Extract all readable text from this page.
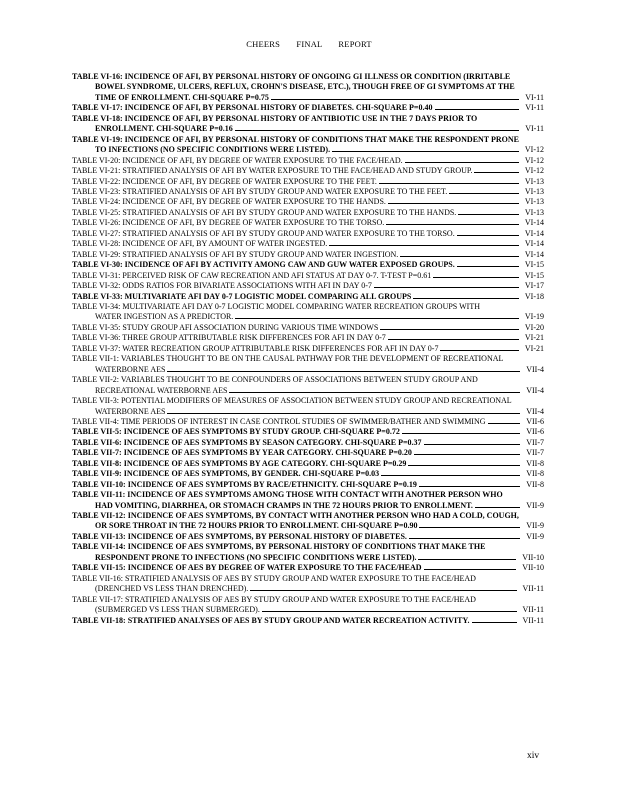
CHEERS FINAL REPORT
TABLE VI-16: INCIDENCE OF AFI, BY PERSONAL HISTORY OF ONGOING GI ILLNESS OR CONDITION (IRRITABLE
BOWEL SYNDROME, ULCERS, REFLUX, CROHN'S DISEASE, ETC.), THOUGH FREE OF GI SYMPTOMS AT THE
TIME OF ENROLLMENT. CHI-SQUARE P=0.75	VI-11
TABLE VI-17: INCIDENCE OF AFI, BY PERSONAL HISTORY OF DIABETES. CHI-SQUARE P=0.40	VI-11
TABLE VI-18: INCIDENCE OF AFI, BY PERSONAL HISTORY OF ANTIBIOTIC USE IN THE 7 DAYS PRIOR TO
ENROLLMENT. CHI-SQUARE P=0.16	VI-11
TABLE VI-19: INCIDENCE OF AFI, BY PERSONAL HISTORY OF CONDITIONS THAT MAKE THE RESPONDENT PRONE
TO INFECTIONS (NO SPECIFIC CONDITIONS WERE LISTED).	VI-12
TABLE VI-20: INCIDENCE OF AFI, BY DEGREE OF WATER EXPOSURE TO THE FACE/HEAD.	VI-12
TABLE VI-21: STRATIFIED ANALYSIS OF AFI BY WATER EXPOSURE TO THE FACE/HEAD AND STUDY GROUP.	VI-12
TABLE VI-22: INCIDENCE OF AFI, BY DEGREE OF WATER EXPOSURE TO THE FEET.	VI-13
TABLE VI-23: STRATIFIED ANALYSIS OF AFI BY STUDY GROUP AND WATER EXPOSURE TO THE FEET.	VI-13
TABLE VI-24: INCIDENCE OF AFI, BY DEGREE OF WATER EXPOSURE TO THE HANDS.	VI-13
TABLE VI-25: STRATIFIED ANALYSIS OF AFI BY STUDY GROUP AND WATER EXPOSURE TO THE HANDS.	VI-13
TABLE VI-26: INCIDENCE OF AFI, BY DEGREE OF WATER EXPOSURE TO THE TORSO.	VI-14
TABLE VI-27: STRATIFIED ANALYSIS OF AFI BY STUDY GROUP AND WATER EXPOSURE TO THE TORSO.	VI-14
TABLE VI-28: INCIDENCE OF AFI, BY AMOUNT OF WATER INGESTED.	VI-14
TABLE VI-29: STRATIFIED ANALYSIS OF AFI BY STUDY GROUP AND WATER INGESTION.	VI-14
TABLE VI-30: INCIDENCE OF AFI BY ACTIVITY AMONG CAW AND GUW WATER EXPOSED GROUPS.	VI-15
TABLE VI-31: PERCEIVED RISK OF CAW RECREATION AND AFI STATUS AT DAY 0-7. T-TEST P=0.61	VI-15
TABLE VI-32: ODDS RATIOS FOR BIVARIATE ASSOCIATIONS WITH AFI IN DAY 0-7	VI-17
TABLE VI-33: MULTIVARIATE AFI DAY 0-7 LOGISTIC MODEL COMPARING ALL GROUPS	VI-18
TABLE VI-34: MULTIVARIATE AFI DAY 0-7 LOGISTIC MODEL COMPARING WATER RECREATION GROUPS WITH
WATER INGESTION AS A PREDICTOR.	VI-19
TABLE VI-35: STUDY GROUP AFI ASSOCIATION DURING VARIOUS TIME WINDOWS	VI-20
TABLE VI-36: THREE GROUP ATTRIBUTABLE RISK DIFFERENCES FOR AFI IN DAY 0-7	VI-21
TABLE VI-37: WATER RECREATION GROUP ATTRIBUTABLE RISK DIFFERENCES FOR AFI IN DAY 0-7	VI-21
TABLE VII-1: VARIABLES THOUGHT TO BE ON THE CAUSAL PATHWAY FOR THE DEVELOPMENT OF RECREATIONAL
WATERBORNE AES	VII-4
TABLE VII-2: VARIABLES THOUGHT TO BE CONFOUNDERS OF ASSOCIATIONS BETWEEN STUDY GROUP AND
RECREATIONAL WATERBORNE AES	VII-4
TABLE VII-3: POTENTIAL MODIFIERS OF MEASURES OF ASSOCIATION BETWEEN STUDY GROUP AND RECREATIONAL
WATERBORNE AES	VII-4
TABLE VII-4: TIME PERIODS OF INTEREST IN CASE CONTROL STUDIES OF SWIMMER/BATHER AND SWIMMING	VII-6
TABLE VII-5: INCIDENCE OF AES SYMPTOMS BY STUDY GROUP. CHI-SQUARE P=0.72	VII-6
TABLE VII-6: INCIDENCE OF AES SYMPTOMS BY SEASON CATEGORY. CHI-SQUARE P=0.37	VII-7
TABLE VII-7: INCIDENCE OF AES SYMPTOMS BY YEAR CATEGORY. CHI-SQUARE P=0.20	VII-7
TABLE VII-8: INCIDENCE OF AES SYMPTOMS BY AGE CATEGORY. CHI-SQUARE P=0.29	VII-8
TABLE VII-9: INCIDENCE OF AES SYMPTOMS, BY GENDER. CHI-SQUARE P=0.03	VII-8
TABLE VII-10: INCIDENCE OF AES SYMPTOMS BY RACE/ETHNICITY. CHI-SQUARE P=0.19	VII-8
TABLE VII-11: INCIDENCE OF AES SYMPTOMS AMONG THOSE WITH CONTACT WITH ANOTHER PERSON WHO
HAD VOMITING, DIARRHEA, OR STOMACH CRAMPS IN THE 72 HOURS PRIOR TO ENROLLMENT.	VII-9
TABLE VII-12: INCIDENCE OF AES SYMPTOMS, BY CONTACT WITH ANOTHER PERSON WHO HAD A COLD, COUGH,
OR SORE THROAT IN THE 72 HOURS PRIOR TO ENROLLMENT. CHI-SQUARE P=0.90	VII-9
TABLE VII-13: INCIDENCE OF AES SYMPTOMS, BY PERSONAL HISTORY OF DIABETES.	VII-9
TABLE VII-14: INCIDENCE OF AES SYMPTOMS, BY PERSONAL HISTORY OF CONDITIONS THAT MAKE THE
RESPONDENT PRONE TO INFECTIONS (NO SPECIFIC CONDITIONS WERE LISTED).	VII-10
TABLE VII-15: INCIDENCE OF AES BY DEGREE OF WATER EXPOSURE TO THE FACE/HEAD	VII-10
TABLE VII-16: STRATIFIED ANALYSIS OF AES BY STUDY GROUP AND WATER EXPOSURE TO THE FACE/HEAD
(DRENCHED VS LESS THAN DRENCHED).	VII-11
TABLE VII-17: STRATIFIED ANALYSIS OF AES BY STUDY GROUP AND WATER EXPOSURE TO THE FACE/HEAD
(SUBMERGED VS LESS THAN SUBMERGED).	VII-11
TABLE VII-18: STRATIFIED ANALYSES OF AES BY STUDY GROUP AND WATER RECREATION ACTIVITY.	VII-11
xiv
